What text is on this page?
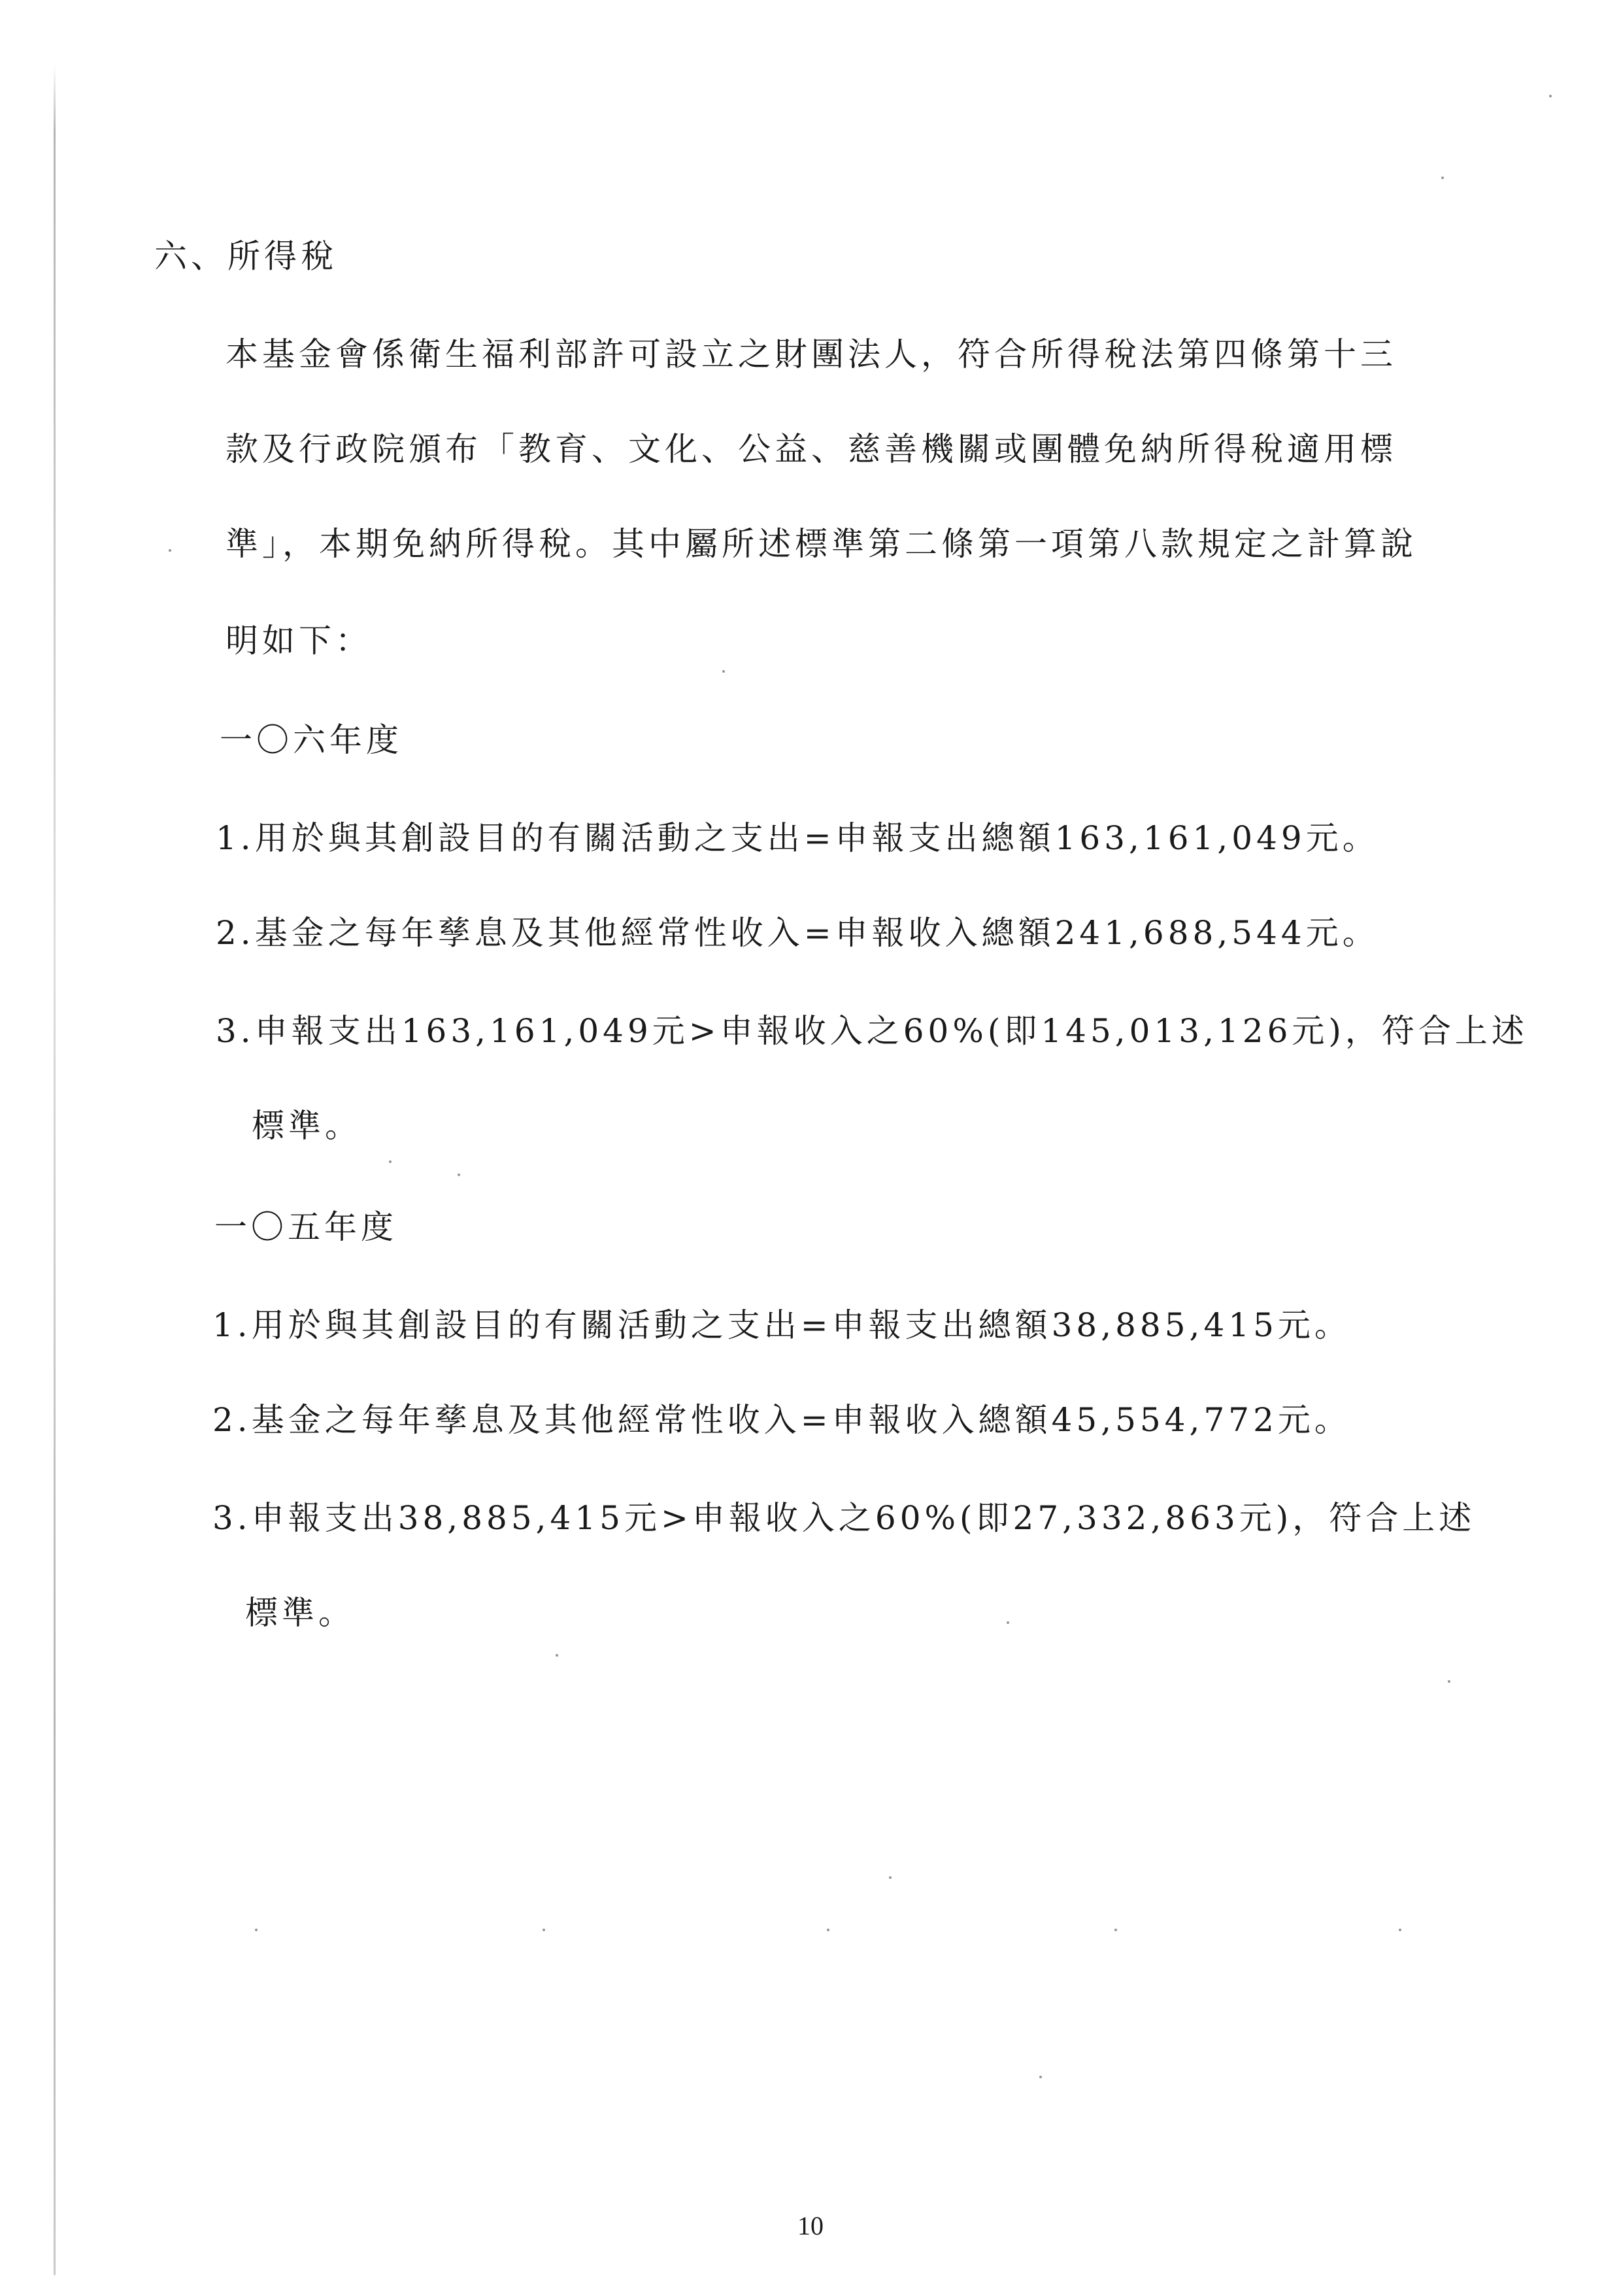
六、所得稅
本基金會係衛生福利部許可設立之財團法人，符合所得稅法第四條第十三
款及行政院頒布「教育、文化、公益、慈善機關或團體免納所得稅適用標
準」，本期免納所得稅。其中屬所述標準第二條第一項第八款規定之計算說
明如下：
一〇六年度
1.用於與其創設目的有關活動之支出=申報支出總額163,161,049元。
2.基金之每年孳息及其他經常性收入=申報收入總額241,688,544元。
3.申報支出163,161,049元>申報收入之60%(即145,013,126元)，符合上述
標準。
一〇五年度
1.用於與其創設目的有關活動之支出=申報支出總額38,885,415元。
2.基金之每年孳息及其他經常性收入=申報收入總額45,554,772元。
3.申報支出38,885,415元>申報收入之60%(即27,332,863元)，符合上述
標準。
10
